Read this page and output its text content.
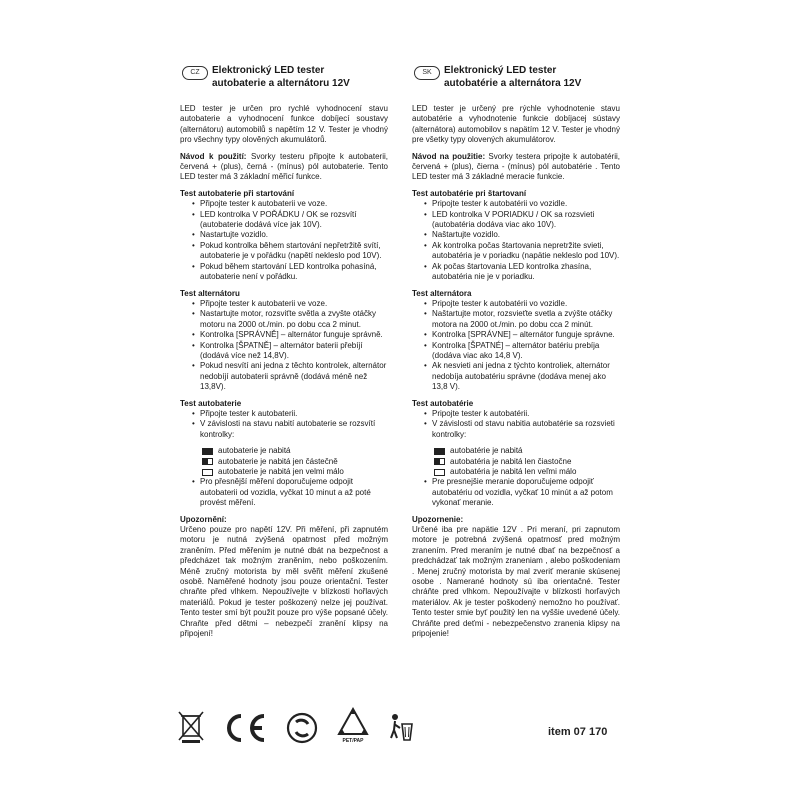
CZ	Elektronický LED tester
autobaterie a alternátoru 12V

LED tester je určen pro rychlé vyhodnocení stavu autobaterie a vyhodnocení funkce dobíjecí soustavy (alternátoru) automobilů s napětím 12 V. Tester je vhodný pro všechny typy olověných akumulátorů.

Návod k použití: Svorky testeru připojte k autobaterii, červená + (plus), černá - (mínus) pól autobaterie. Tento LED tester má 3 základní měřicí funkce.

Test autobaterie při startování
• Připojte tester k autobaterii ve voze.
• LED kontrolka V POŘÁDKU / OK se rozsvítí (autobaterie dodává více jak 10V).
• Nastartujte vozidlo.
• Pokud kontrolka během startování nepřetržitě svítí, autobaterie je v pořádku (napětí nekleslo pod 10V).
• Pokud během startování LED kontrolka pohasíná, autobaterie není v pořádku.
Test alternátoru
• Připojte tester k autobaterii ve voze.
• Nastartujte motor, rozsviťte světla a zvyšte otáčky motoru na 2000 ot./min. po dobu cca 2 minut.
• Kontrolka [SPRÁVNĚ] – alternátor funguje správně.
• Kontrolka [ŠPATNĚ] – alternátor baterii přebíjí (dodává více než 14,8V).
• Pokud nesvítí ani jedna z těchto kontrolek, alternátor nedobíjí autobaterii správně (dodává méně než 13,8V).
Test autobaterie
• Připojte tester k autobaterii.
• V závislosti na stavu nabití autobaterie se rozsvítí kontrolky:
autobaterie je nabitá
autobaterie je nabitá jen částečně
autobaterie je nabitá jen velmi málo
• Pro přesnější měření doporučujeme odpojit autobaterii od vozidla, vyčkat 10 minut a až poté provést měření.
Upozornění:

Určeno pouze pro napětí 12V. Při měření, při zapnutém motoru je nutná zvýšená opatrnost před možným zraněním. Před měřením je nutné dbát na bezpečnost a předcházet tak možným zraněním, nebo poškozením. Méně zručný motorista by měl svěřit měření zkušené osobě. Naměřené hodnoty jsou pouze orientační. Tester chraňte před vlhkem. Nepoužívejte v blízkosti hořlavých materiálů. Pokud je tester poškozený nelze jej používat. Tento tester smí být použit pouze pro výše popsané účely. Chraňte před dětmi – nebezpečí zranění klipsy na připojení!

SK	Elektronický LED tester
autobatérie a alternátora 12V

LED tester je určený pre rýchle vyhodnotenie stavu autobatérie a vyhodnotenie funkcie dobíjacej sústavy (alternátora) automobilov s napätím 12 V. Tester je vhodný pre všetky typy olovených akumulátorov.

Návod na použitie: Svorky testera pripojte k autobatérii, červená + (plus), čierna - (mínus) pól autobatérie . Tento LED tester má 3 základné meracie funkcie.

Test autobatérie pri štartovaní
• Pripojte tester k autobatérii vo vozidle.
• LED kontrolka V PORIADKU / OK sa rozsvieti (autobatéria dodáva viac ako 10V).
• Naštartujte vozidlo.
• Ak kontrolka počas štartovania nepretržite svieti, autobatéria je v poriadku (napätie nekleslo pod 10V).
• Ak počas štartovania LED kontrolka zhasína, autobatéria nie je v poriadku.
Test alternátora
• Pripojte tester k autobatérii vo vozidle.
• Naštartujte motor, rozsvieťte svetla a zvýšte otáčky motora na 2000 ot./min. po dobu cca 2 minút.
• Kontrolka [SPRÁVNE] – alternátor funguje správne.
• Kontrolka [ŠPATNÉ] – alternátor batériu prebíja (dodáva viac ako 14,8 V).
• Ak nesvieti ani jedna z týchto kontroliek, alternátor nedobíja autobatériu správne (dodáva menej ako 13,8 V).
Test autobatérie
• Pripojte tester k autobatérii.
• V závislosti od stavu nabitia autobatérie sa rozsvieti kontrolky:
autobatérie je nabitá
autobatéria je nabitá len čiastočne
autobatéria je nabitá len veľmi málo
• Pre presnejšie meranie doporučujeme odpojiť autobatériu od vozidla, vyčkať 10 minút a až potom vykonať meranie.
Upozornenie:

Určené iba pre napätie 12V . Pri meraní, pri zapnutom motore je potrebná zvýšená opatrnosť pred možným zranením. Pred meraním je nutné dbať na bezpečnosť a predchádzať tak možným zraneniam , alebo poškodeniam . Menej zručný motorista by mal zveriť meranie skúsenej osobe . Namerané hodnoty sú iba orientačné. Tester chráňte pred vlhkom. Nepoužívajte v blízkosti horľavých materiálov. Ak je tester poškodený nemožno ho používať. Tento tester smie byť použitý len na vyššie uvedené účely. Chráňte pred deťmi - nebezpečenstvo zranenia klipsy na pripojenie!

PET/PAP
item 07 170
